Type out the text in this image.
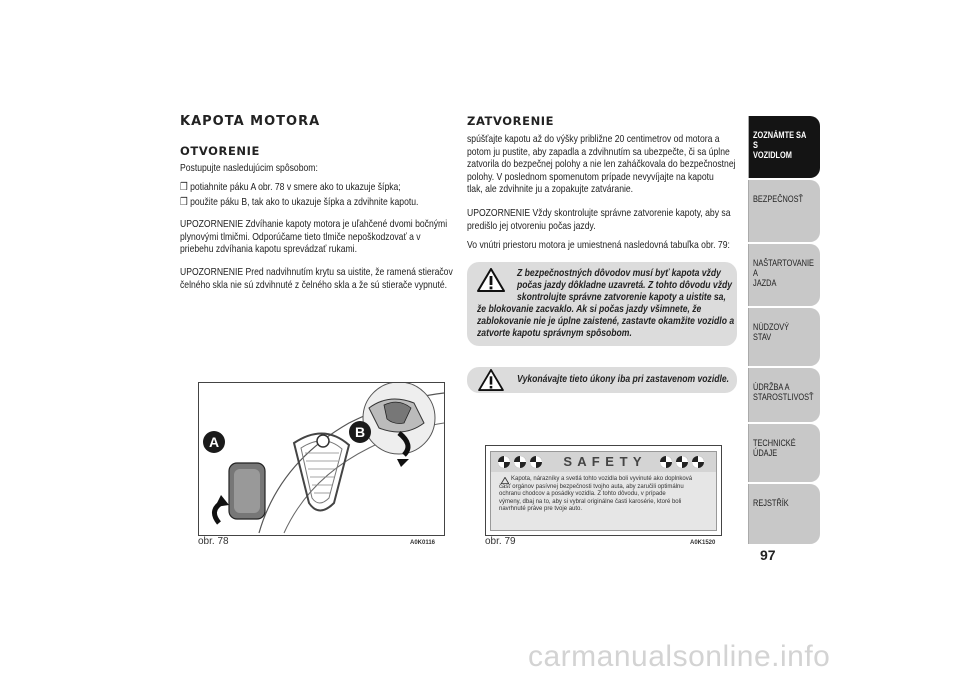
KAPOTA MOTORA
OTVORENIE
Postupujte nasledujúcim spôsobom:
❒ potiahnite páku A obr. 78 v smere ako to ukazuje šípka;
❒ použite páku B, tak ako to ukazuje šípka a zdvihnite kapotu.
UPOZORNENIE Zdvíhanie kapoty motora je uľahčené dvomi bočnými
plynovými tlmičmi. Odporúčame tieto tlmiče nepoškodzovať a v
priebehu zdvíhania kapotu sprevádzať rukami.
UPOZORNENIE Pred nadvihnutím krytu sa uistite, že ramená stieračov
čelného skla nie sú zdvihnuté z čelného skla a že sú stierače vypnuté.
A
B
obr. 78	A0K0116
ZATVORENIE
spúšťajte kapotu až do výšky približne 20 centimetrov od motora a
potom ju pustite, aby zapadla a zdvihnutím sa ubezpečte, či sa úplne
zatvorila do bezpečnej polohy a nie len zaháčkovala do bezpečnostnej
polohy. V poslednom spomenutom prípade nevyvíjajte na kapotu
tlak, ale zdvihnite ju a zopakujte zatváranie.
UPOZORNENIE Vždy skontrolujte správne zatvorenie kapoty, aby sa
predišlo jej otvoreniu počas jazdy.
Vo vnútri priestoru motora je umiestnená nasledovná tabuľka obr. 79:
Z bezpečnostných dôvodov musí byť kapota vždy
počas jazdy dôkladne uzavretá. Z tohto dôvodu vždy
skontrolujte správne zatvorenie kapoty a uistite sa,
že blokovanie zacvaklo. Ak si počas jazdy všimnete, že
zablokovanie nie je úplne zaistené, zastavte okamžite vozidlo a
zatvorte kapotu správnym spôsobom.
Vykonávajte tieto úkony iba pri zastavenom vozidle.
S A F E T Y
Kapota, nárazníky a svetlá tohto vozidla boli vyvinuté ako doplnková
časť orgánov pasívnej bezpečnosti tvojho auta, aby zaručili optimálnu
ochranu chodcov a posádky vozidla. Z tohto dôvodu, v prípade
výmeny, dbaj na to, aby si vybral originálne časti karosérie, ktoré boli
navrhnuté práve pre tvoje auto.
obr. 79	A0K1520
ZOZNÁMTE SA S
VOZIDLOM
BEZPEČNOSŤ
NAŠTARTOVANIE A
JAZDA
NÚDZOVÝ STAV
ÚDRŽBA A
STAROSTLIVOSŤ
TECHNICKÉ ÚDAJE
REJSTŘÍK
97
carmanualsonline.info
